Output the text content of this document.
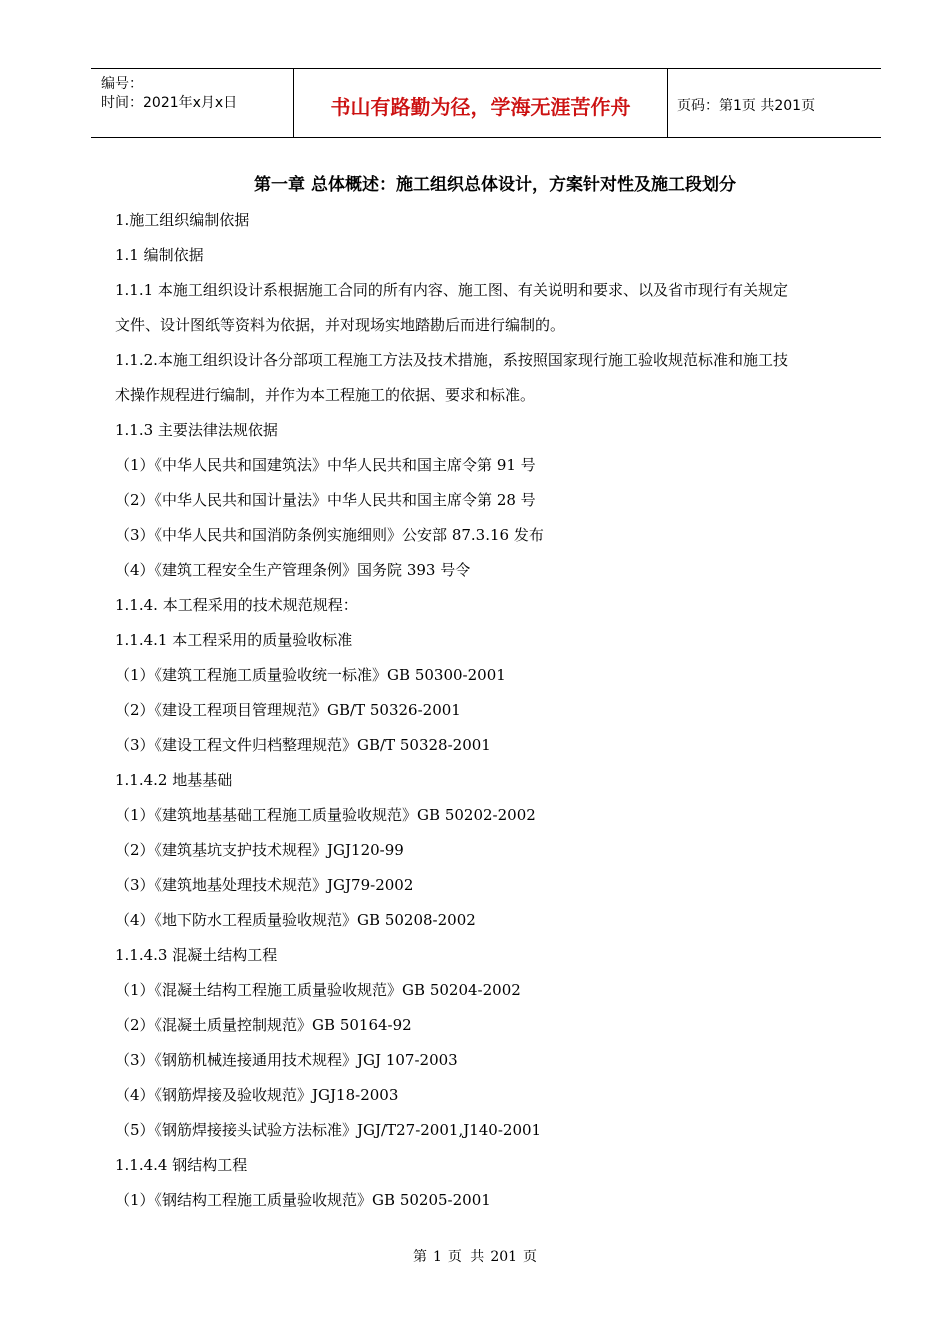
编号：
时间：2021年x月x日	书山有路勤为径，学海无涯苦作舟	页码：第1页 共201页
第一章 总体概述：施工组织总体设计，方案针对性及施工段划分
1.施工组织编制依据
1.1 编制依据
1.1.1 本施工组织设计系根据施工合同的所有内容、施工图、有关说明和要求、以及省市现行有关规定
文件、设计图纸等资料为依据，并对现场实地踏勘后而进行编制的。
1.1.2.本施工组织设计各分部项工程施工方法及技术措施，系按照国家现行施工验收规范标准和施工技
术操作规程进行编制，并作为本工程施工的依据、要求和标准。
1.1.3 主要法律法规依据
（1）《中华人民共和国建筑法》中华人民共和国主席令第 91 号
（2）《中华人民共和国计量法》中华人民共和国主席令第 28 号
（3）《中华人民共和国消防条例实施细则》公安部 87.3.16 发布
（4）《建筑工程安全生产管理条例》国务院 393 号令
1.1.4. 本工程采用的技术规范规程：
1.1.4.1 本工程采用的质量验收标准
（1）《建筑工程施工质量验收统一标准》GB 50300-2001
（2）《建设工程项目管理规范》GB/T 50326-2001
（3）《建设工程文件归档整理规范》GB/T 50328-2001
1.1.4.2 地基基础
（1）《建筑地基基础工程施工质量验收规范》GB 50202-2002
（2）《建筑基坑支护技术规程》JGJ120-99
（3）《建筑地基处理技术规范》JGJ79-2002
（4）《地下防水工程质量验收规范》GB 50208-2002
1.1.4.3 混凝土结构工程
（1）《混凝土结构工程施工质量验收规范》GB 50204-2002
（2）《混凝土质量控制规范》GB 50164-92
（3）《钢筋机械连接通用技术规程》JGJ 107-2003
（4）《钢筋焊接及验收规范》JGJ18-2003
（5）《钢筋焊接接头试验方法标准》JGJ/T27-2001,J140-2001
1.1.4.4 钢结构工程
（1）《钢结构工程施工质量验收规范》GB 50205-2001
第 1 页 共 201 页
